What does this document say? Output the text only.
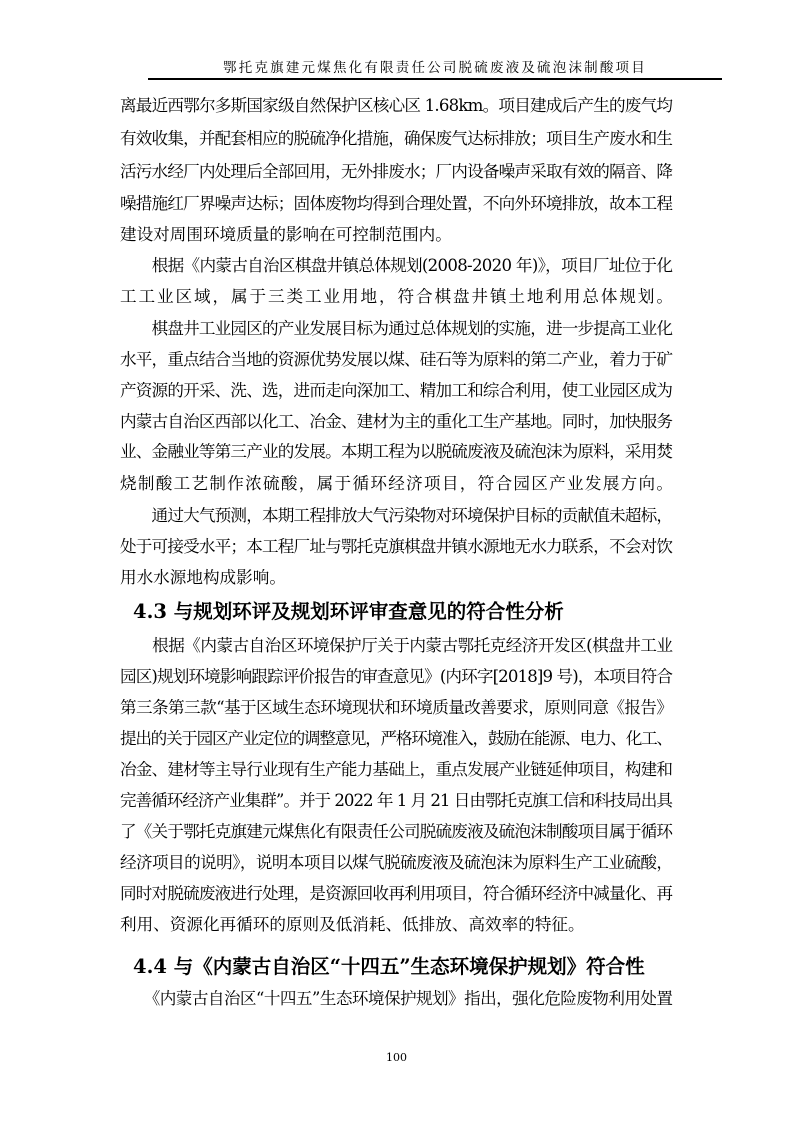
鄂托克旗建元煤焦化有限责任公司脱硫废液及硫泡沫制酸项目
离最近西鄂尔多斯国家级自然保护区核心区 1.68km。项目建成后产生的废气均
有效收集，并配套相应的脱硫净化措施，确保废气达标排放；项目生产废水和生
活污水经厂内处理后全部回用，无外排废水；厂内设备噪声采取有效的隔音、降
噪措施红厂界噪声达标；固体废物均得到合理处置，不向外环境排放，故本工程
建设对周围环境质量的影响在可控制范围内。
　　根据《内蒙古自治区棋盘井镇总体规划(2008-2020 年)》，项目厂址位于化
工工业区域，属于三类工业用地，符合棋盘井镇土地利用总体规划。
　　棋盘井工业园区的产业发展目标为通过总体规划的实施，进一步提高工业化
水平，重点结合当地的资源优势发展以煤、硅石等为原料的第二产业，着力于矿
产资源的开采、洗、选，进而走向深加工、精加工和综合利用，使工业园区成为
内蒙古自治区西部以化工、冶金、建材为主的重化工生产基地。同时，加快服务
业、金融业等第三产业的发展。本期工程为以脱硫废液及硫泡沫为原料，采用焚
烧制酸工艺制作浓硫酸，属于循环经济项目，符合园区产业发展方向。
　　通过大气预测，本期工程排放大气污染物对环境保护目标的贡献值未超标，
处于可接受水平；本工程厂址与鄂托克旗棋盘井镇水源地无水力联系，不会对饮
用水水源地构成影响。
4.3 与规划环评及规划环评审查意见的符合性分析
　　根据《内蒙古自治区环境保护厅关于内蒙古鄂托克经济开发区(棋盘井工业
园区)规划环境影响跟踪评价报告的审查意见》(内环字[2018]9 号)，本项目符合
第三条第三款“基于区域生态环境现状和环境质量改善要求，原则同意《报告》
提出的关于园区产业定位的调整意见，严格环境准入，鼓励在能源、电力、化工、
冶金、建材等主导行业现有生产能力基础上，重点发展产业链延伸项目，构建和
完善循环经济产业集群”。并于 2022 年 1 月 21 日由鄂托克旗工信和科技局出具
了《关于鄂托克旗建元煤焦化有限责任公司脱硫废液及硫泡沫制酸项目属于循环
经济项目的说明》，说明本项目以煤气脱硫废液及硫泡沫为原料生产工业硫酸，
同时对脱硫废液进行处理，是资源回收再利用项目，符合循环经济中减量化、再
利用、资源化再循环的原则及低消耗、低排放、高效率的特征。
4.4 与《内蒙古自治区“十四五”生态环境保护规划》符合性
　　《内蒙古自治区“十四五”生态环境保护规划》指出，强化危险废物利用处置
100
